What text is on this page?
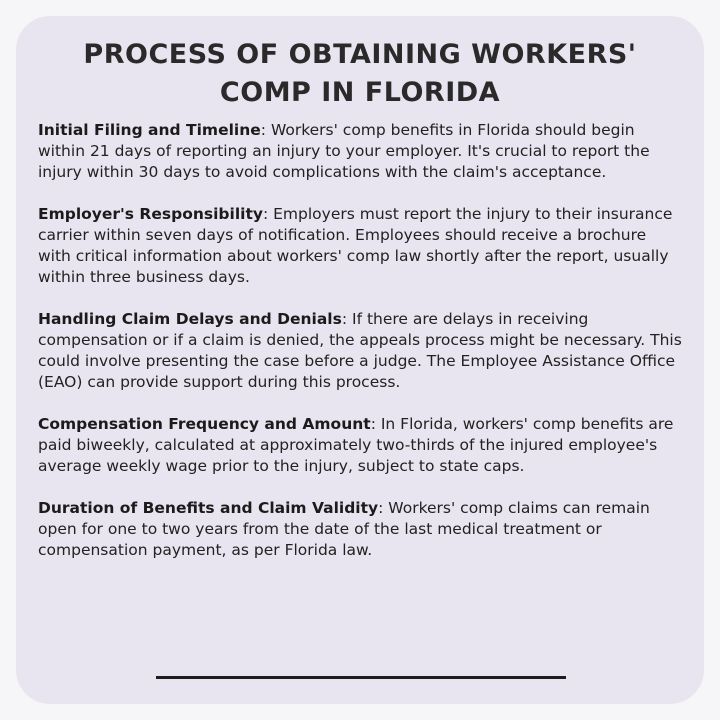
PROCESS OF OBTAINING WORKERS' COMP IN FLORIDA

Initial Filing and Timeline: Workers' comp benefits in Florida should begin within 21 days of reporting an injury to your employer. It's crucial to report the injury within 30 days to avoid complications with the claim's acceptance.

Employer's Responsibility: Employers must report the injury to their insurance carrier within seven days of notification. Employees should receive a brochure with critical information about workers' comp law shortly after the report, usually within three business days.

Handling Claim Delays and Denials: If there are delays in receiving compensation or if a claim is denied, the appeals process might be necessary. This could involve presenting the case before a judge. The Employee Assistance Office (EAO) can provide support during this process.

Compensation Frequency and Amount: In Florida, workers' comp benefits are paid biweekly, calculated at approximately two-thirds of the injured employee's average weekly wage prior to the injury, subject to state caps.

Duration of Benefits and Claim Validity: Workers' comp claims can remain open for one to two years from the date of the last medical treatment or compensation payment, as per Florida law.
